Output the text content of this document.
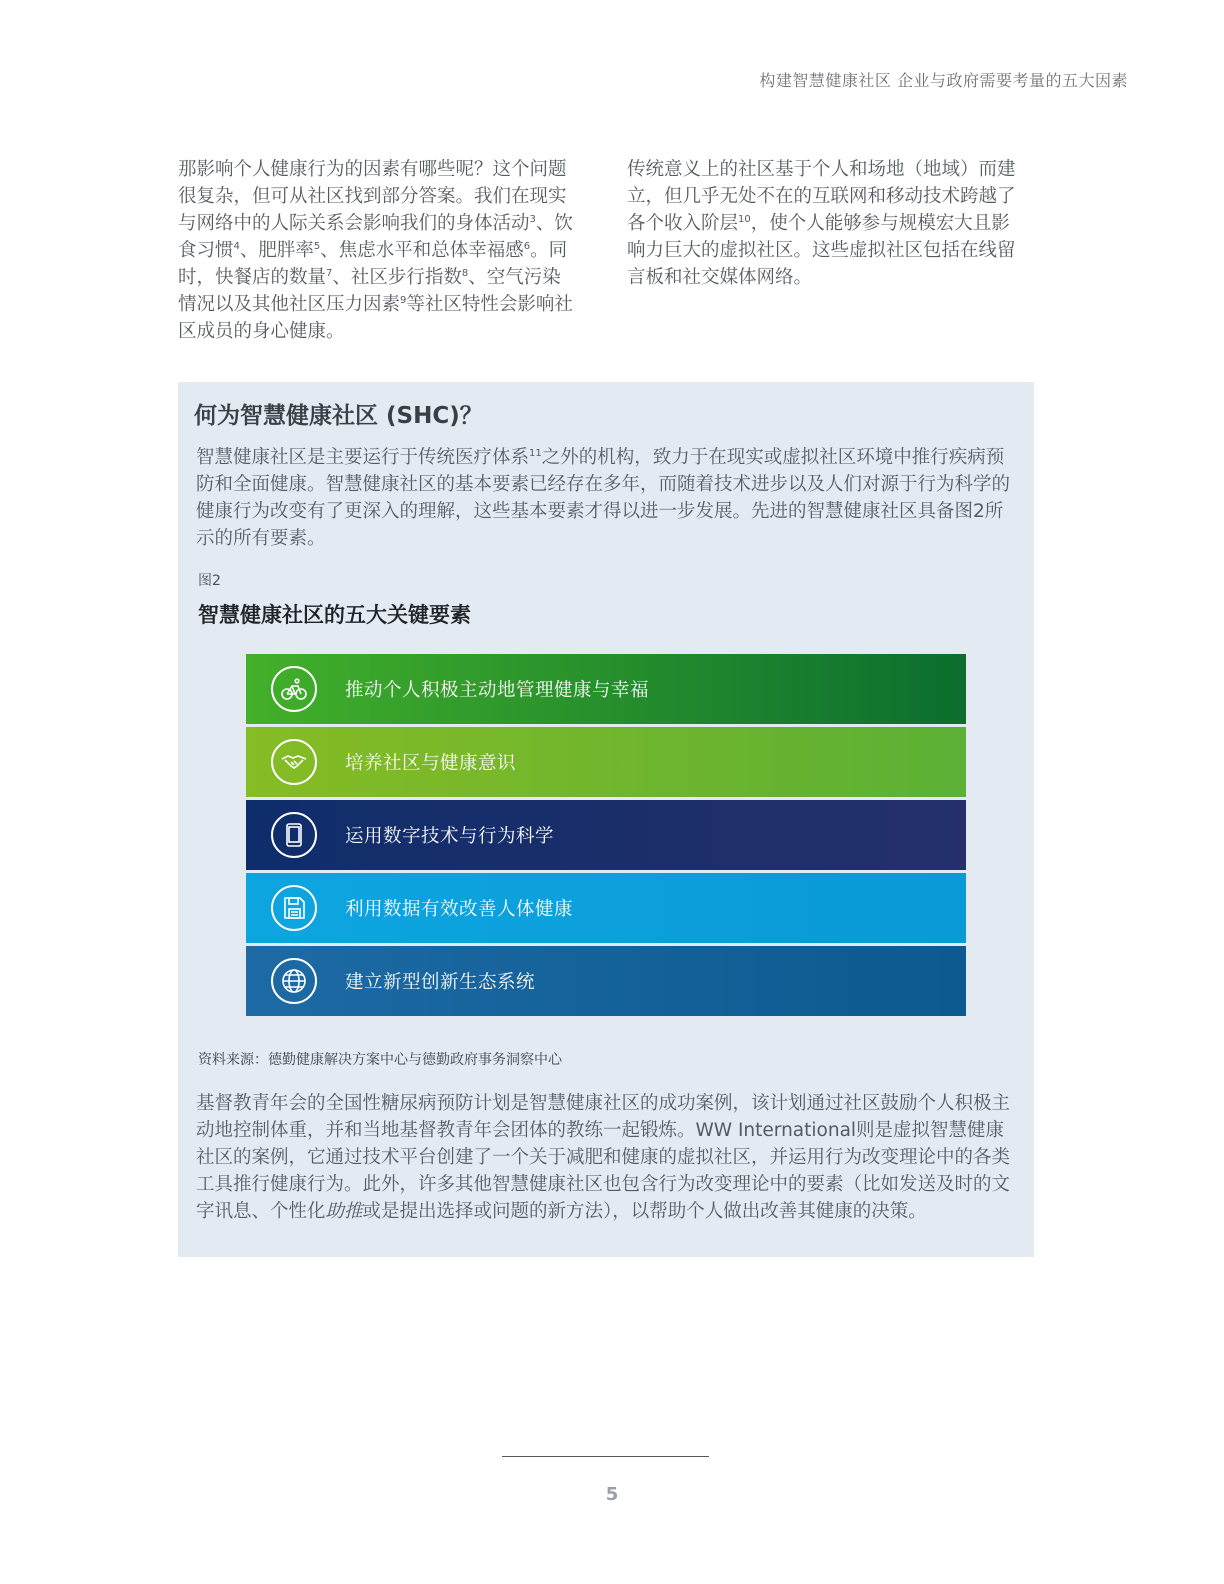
构建智慧健康社区 企业与政府需要考量的五大因素
那影响个人健康行为的因素有哪些呢？这个问题很复杂，但可从社区找到部分答案。我们在现实与网络中的人际关系会影响我们的身体活动$^3$、饮食习惯$^4$、肥胖率$^5$、焦虑水平和总体幸福感$^6$。同时，快餐店的数量$^7$、社区步行指数$^8$、空气污染情况以及其他社区压力因素$^9$等社区特性会影响社区成员的身心健康。
传统意义上的社区基于个人和场地（地域）而建立，但几乎无处不在的互联网和移动技术跨越了各个收入阶层$^{10}$，使个人能够参与规模宏大且影响力巨大的虚拟社区。这些虚拟社区包括在线留言板和社交媒体网络。
何为智慧健康社区 (SHC)？
智慧健康社区是主要运行于传统医疗体系$^{11}$之外的机构，致力于在现实或虚拟社区环境中推行疾病预防和全面健康。智慧健康社区的基本要素已经存在多年，而随着技术进步以及人们对源于行为科学的健康行为改变有了更深入的理解，这些基本要素才得以进一步发展。先进的智慧健康社区具备图2所示的所有要素。
图2
智慧健康社区的五大关键要素
推动个人积极主动地管理健康与幸福
培养社区与健康意识
运用数字技术与行为科学
利用数据有效改善人体健康
建立新型创新生态系统
资料来源：德勤健康解决方案中心与德勤政府事务洞察中心
基督教青年会的全国性糖尿病预防计划是智慧健康社区的成功案例，该计划通过社区鼓励个人积极主动地控制体重，并和当地基督教青年会团体的教练一起锻炼。WW International则是虚拟智慧健康社区的案例，它通过技术平台创建了一个关于减肥和健康的虚拟社区，并运用行为改变理论中的各类工具推行健康行为。此外，许多其他智慧健康社区也包含行为改变理论中的要素（比如发送及时的文字讯息、个性化助推或是提出选择或问题的新方法），以帮助个人做出改善其健康的决策。
5
